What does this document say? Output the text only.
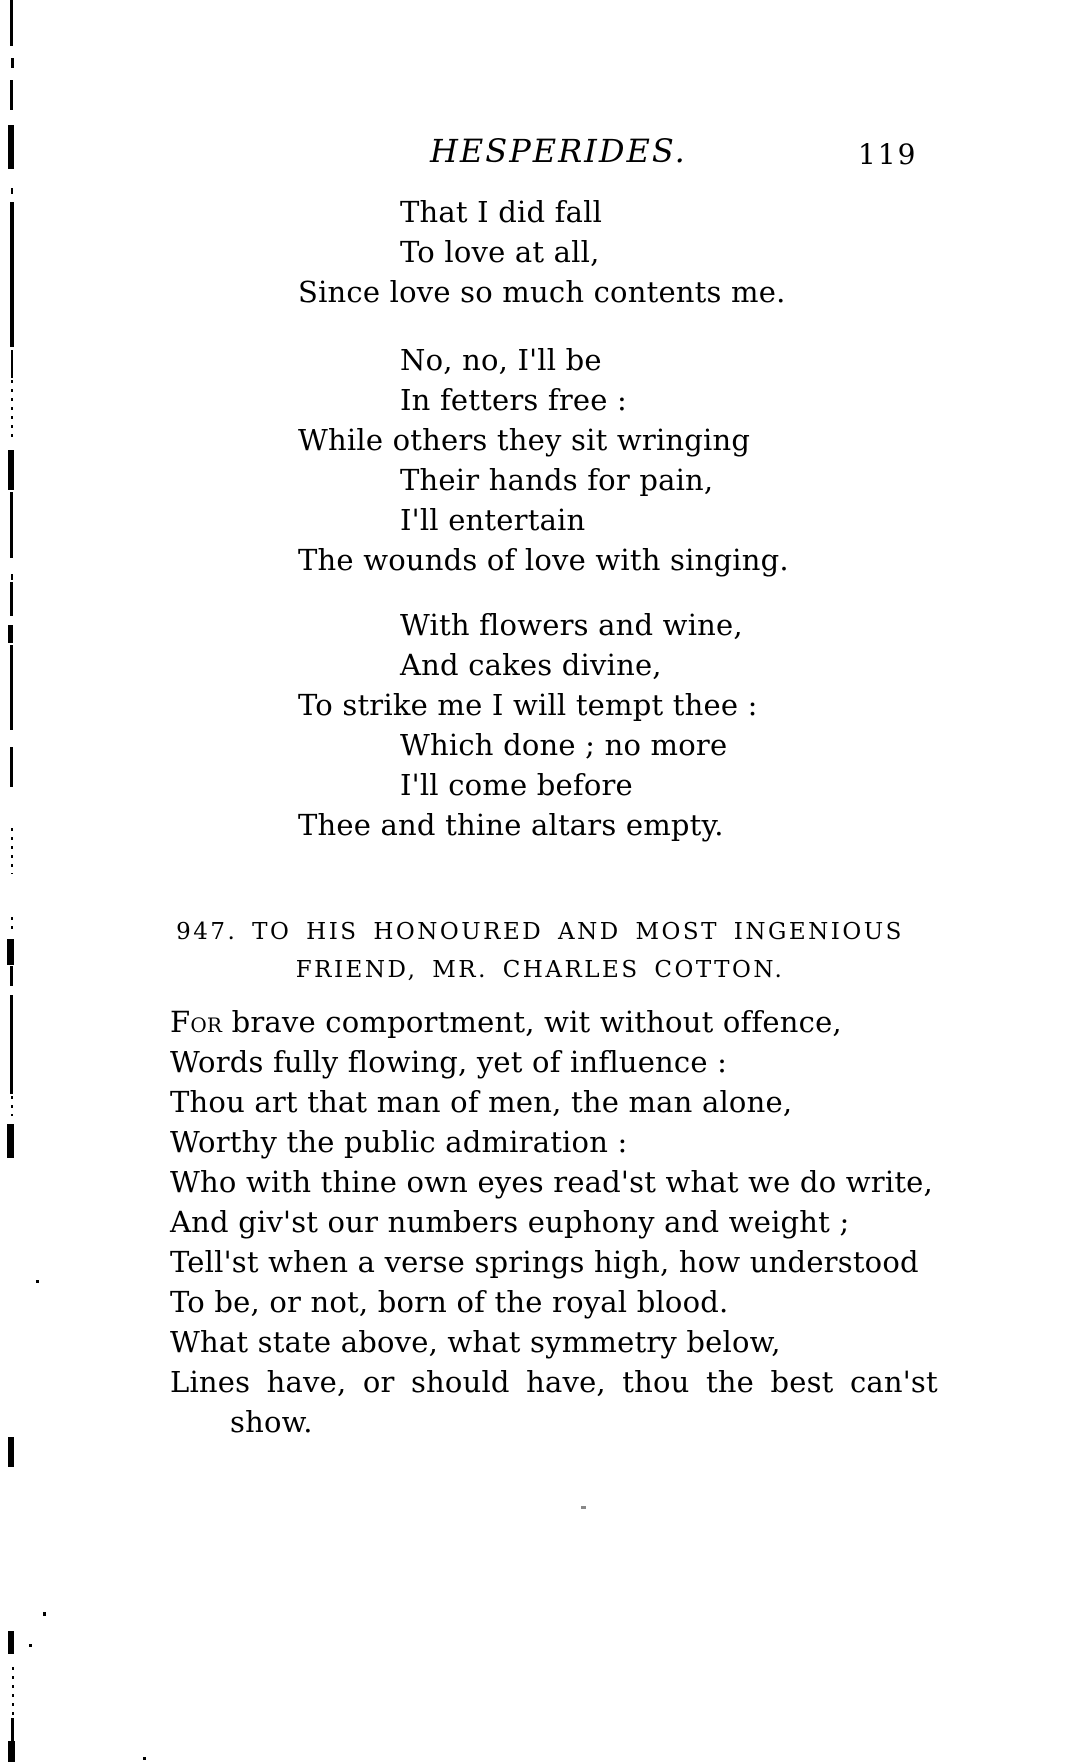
HESPERIDES.	119
That I did fall
To love at all,
Since love so much contents me.
No, no, I'll be
In fetters free :
While others they sit wringing
Their hands for pain,
I'll entertain
The wounds of love with singing.
With flowers and wine,
And cakes divine,
To strike me I will tempt thee :
Which done ; no more
I'll come before
Thee and thine altars empty.
947. TO HIS HONOURED AND MOST INGENIOUS
FRIEND, MR. CHARLES COTTON.
For brave comportment, wit without offence,
Words fully flowing, yet of influence :
Thou art that man of men, the man alone,
Worthy the public admiration :
Who with thine own eyes read'st what we do write,
And giv'st our numbers euphony and weight ;
Tell'st when a verse springs high, how understood
To be, or not, born of the royal blood.
What state above, what symmetry below,
Lines have, or should have, thou the best can'st
show.
